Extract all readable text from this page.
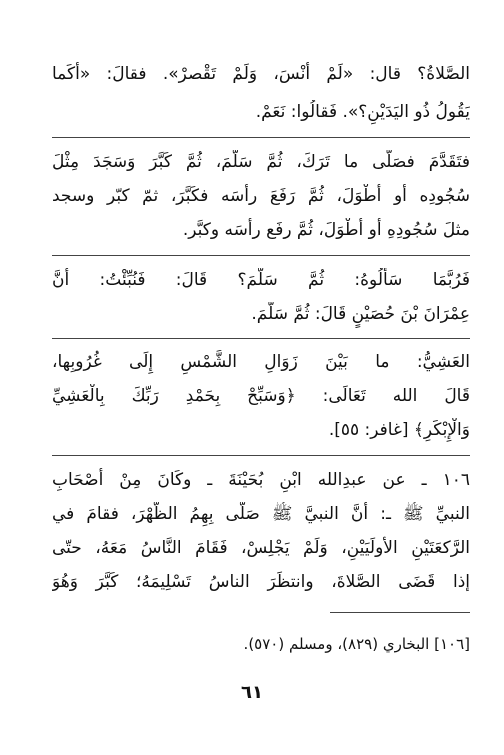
الصَّلاةُ؟ قال: «لَمْ أَنْسَ، وَلَمْ تَقْصرْ». فقالَ: «أَكَما
يَقُولُ ذُو اليَدَيْنِ؟». فَقالُوا: نَعَمْ.
فتَقَدَّمَ فصَلَّى ما تَرَكَ، ثُمَّ سَلَّمَ، ثُمَّ كَبَّرَ وَسَجَدَ مِثْلَ
سُجُودِه أو أطْوَلَ، ثُمَّ رَفَعَ رأسَه فكَبَّرَ، ثمّ كبّر وسجد
مثلَ سُجُودِهِ أو أطْوَلَ، ثُمَّ رفَع رأسَه وكبَّر.
فَرُبَّمَا سَأَلُوهُ: ثُمَّ سَلَّمَ؟ قَالَ: فَنُبِّئْتُ: أَنَّ
عِمْرَانَ بْنَ حُصَيْنٍ قَالَ: ثُمَّ سَلَّمَ.
العَشِيُّ: ما بَيْنَ زَوَالِ الشَّمْسِ إِلَى غُرُوبِها،
قَالَ الله تَعَالَى: ﴿وَسَبِّحْ بِحَمْدِ رَبِّكَ بِالْعَشِيِّ
وَالْإِبْكَرِ﴾ [غافر: ٥٥].
١٠٦ ـ عن عبدِالله ابْنِ بُحَيْنَةَ ـ وكَانَ مِنْ أَصْحَابِ
النبيِّ ﷺ ـ: أَنَّ النبيَّ ﷺ صَلَّى بِهِمُ الظُّهْرَ، فقامَ في
الرَّكعَتَيْنِ الأُولَيَيْنِ، وَلَمْ يَجْلِسْ، فَقَامَ النَّاسُ مَعَهُ، حتّى
إذا قَضَى الصَّلاةَ، وانتظَرَ الناسُ تَسْلِيمَهُ؛ كَبَّرَ وَهُوَ
[١٠٦] البخاري (٨٢٩)، ومسلم (٥٧٠).
٦١
